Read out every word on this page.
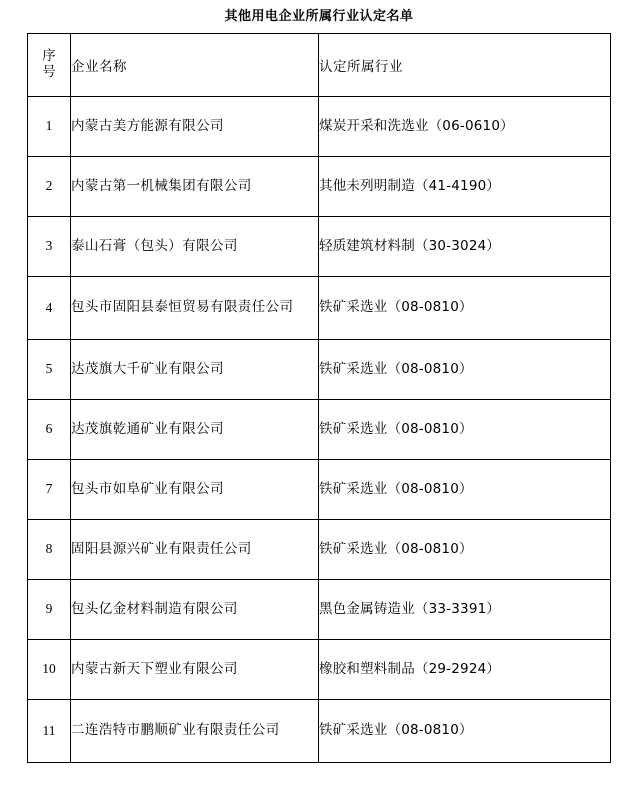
其他用电企业所属行业认定名单
序
号	企业名称	认定所属行业
1	内蒙古美方能源有限公司	煤炭开采和洗选业（06-0610）
2	内蒙古第一机械集团有限公司	其他未列明制造（41-4190）
3	泰山石膏（包头）有限公司	轻质建筑材料制（30-3024）
4	包头市固阳县泰恒贸易有限责任公司	铁矿采选业（08-0810）
5	达茂旗大千矿业有限公司	铁矿采选业（08-0810）
6	达茂旗乾通矿业有限公司	铁矿采选业（08-0810）
7	包头市如阜矿业有限公司	铁矿采选业（08-0810）
8	固阳县源兴矿业有限责任公司	铁矿采选业（08-0810）
9	包头亿金材料制造有限公司	黑色金属铸造业（33-3391）
10	内蒙古新天下塑业有限公司	橡胶和塑料制品（29-2924）
11	二连浩特市鹏顺矿业有限责任公司	铁矿采选业（08-0810）
